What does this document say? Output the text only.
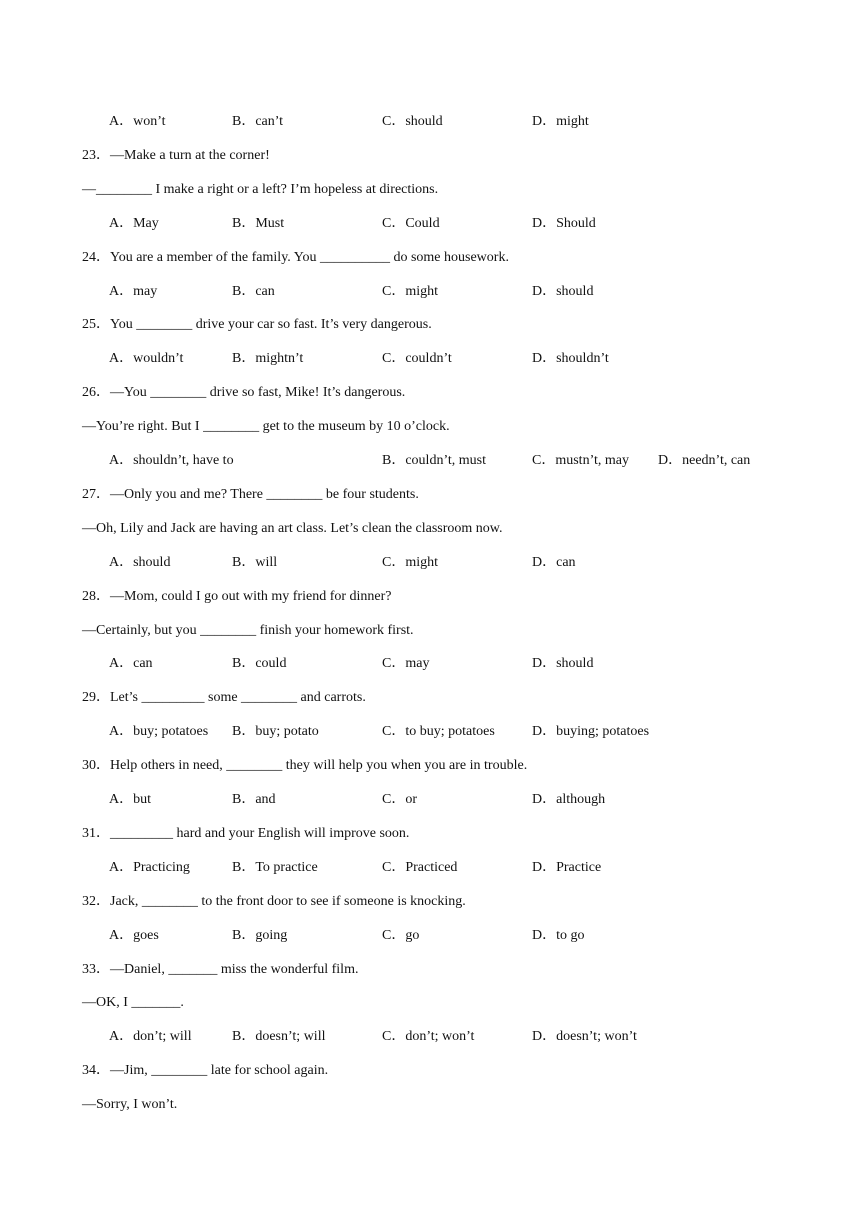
A．won’t	B．can’t	C．should	D．might
23．—Make a turn at the corner!
—________ I make a right or a left? I’m hopeless at directions.
A．May	B．Must	C．Could	D．Should
24．You are a member of the family. You __________ do some housework.
A．may	B．can	C．might	D．should
25．You ________ drive your car so fast. It’s very dangerous.
A．wouldn’t	B．mightn’t	C．couldn’t	D．shouldn’t
26．—You ________ drive so fast, Mike! It’s dangerous.
—You’re right. But I ________ get to the museum by 10 o’clock.
A．shouldn’t, have to	B．couldn’t, must	C．mustn’t, may D．needn’t, can
27．—Only you and me? There ________ be four students.
—Oh, Lily and Jack are having an art class. Let’s clean the classroom now.
A．should	B．will	C．might	D．can
28．—Mom, could I go out with my friend for dinner?
—Certainly, but you ________ finish your homework first.
A．can	B．could	C．may	D．should
29．Let’s _________ some ________ and carrots.
A．buy; potatoes B．buy; potato	C．to buy; potatoes	D．buying; potatoes
30．Help others in need, ________ they will help you when you are in trouble.
A．but	B．and	C．or	D．although
31．_________ hard and your English will improve soon.
A．Practicing	B．To practice	C．Practiced	D．Practice
32．Jack, ________ to the front door to see if someone is knocking.
A．goes	B．going	C．go	D．to go
33．—Daniel, _______ miss the wonderful film.
—OK, I _______.
A．don’t; will	B．doesn’t; will	C．don’t; won’t	D．doesn’t; won’t
34．—Jim, ________ late for school again.
—Sorry, I won’t.
